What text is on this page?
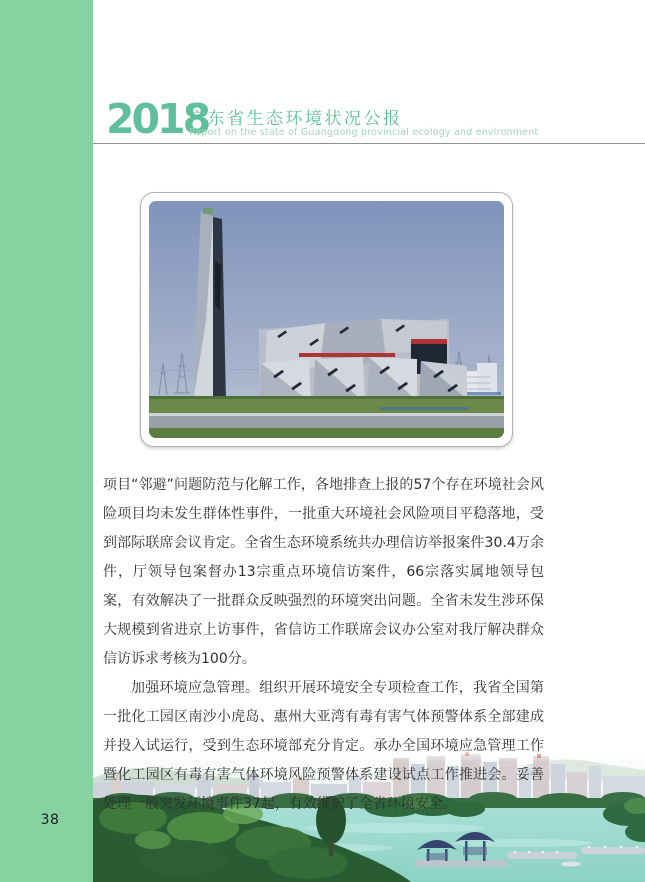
38
2018
广东省生态环境状况公报
Report on the state of Guangdong provincial ecology and environment

项目“邻避”问题防范与化解工作，各地排查上报的57个存在环境社会风险项目均未发生群体性事件，一批重大环境社会风险项目平稳落地，受到部际联席会议肯定。全省生态环境系统共办理信访举报案件30.4万余件，厅领导包案督办13宗重点环境信访案件，66宗落实属地领导包案，有效解决了一批群众反映强烈的环境突出问题。全省未发生涉环保大规模到省进京上访事件，省信访工作联席会议办公室对我厅解决群众信访诉求考核为100分。

加强环境应急管理。组织开展环境安全专项检查工作，我省全国第一批化工园区南沙小虎岛、惠州大亚湾有毒有害气体预警体系全部建成并投入试运行，受到生态环境部充分肯定。承办全国环境应急管理工作暨化工园区有毒有害气体环境风险预警体系建设试点工作推进会。妥善处理一般突发环境事件37起，有效维护了全省环境安全。
